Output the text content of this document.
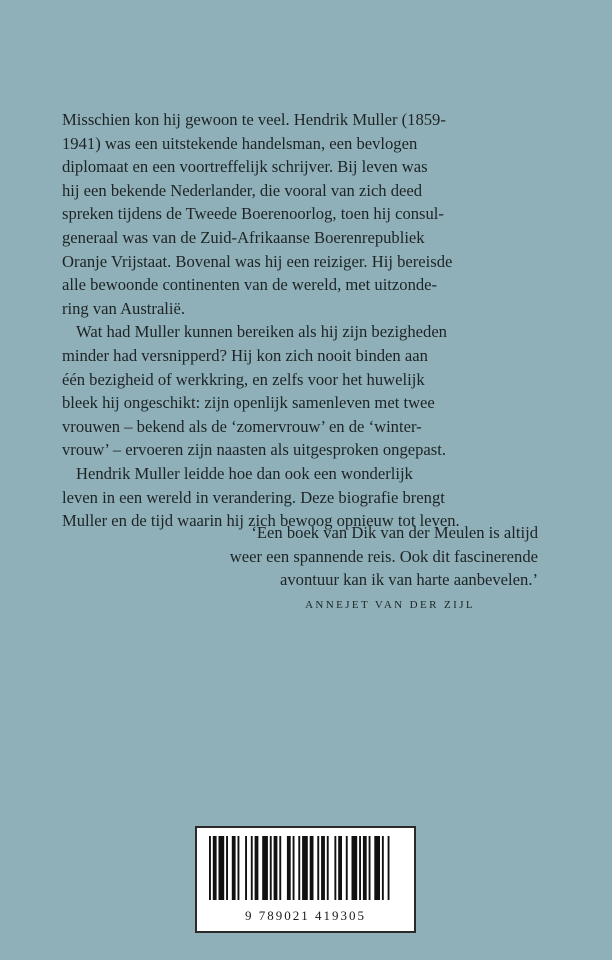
Misschien kon hij gewoon te veel. Hendrik Muller (1859-
1941) was een uitstekende handelsman, een bevlogen
diplomaat en een voortreffelijk schrijver. Bij leven was
hij een bekende Nederlander, die vooral van zich deed
spreken tijdens de Tweede Boerenoorlog, toen hij consul-
generaal was van de Zuid-Afrikaanse Boerenrepubliek
Oranje Vrijstaat. Bovenal was hij een reiziger. Hij bereisde
alle bewoonde continenten van de wereld, met uitzonde-
ring van Australië.

Wat had Muller kunnen bereiken als hij zijn bezigheden
minder had versnipperd? Hij kon zich nooit binden aan
één bezigheid of werkkring, en zelfs voor het huwelijk
bleek hij ongeschikt: zijn openlijk samenleven met twee
vrouwen – bekend als de ‘zomervrouw’ en de ‘winter-
vrouw’ – ervoeren zijn naasten als uitgesproken ongepast.

Hendrik Muller leidde hoe dan ook een wonderlijk
leven in een wereld in verandering. Deze biografie brengt
Muller en de tijd waarin hij zich bewoog opnieuw tot leven.

‘Een boek van Dik van der Meulen is altijd
weer een spannende reis. Ook dit fascinerende
avontuur kan ik van harte aanbevelen.’
ANNEJET VAN DER ZIJL
9 789021 419305
